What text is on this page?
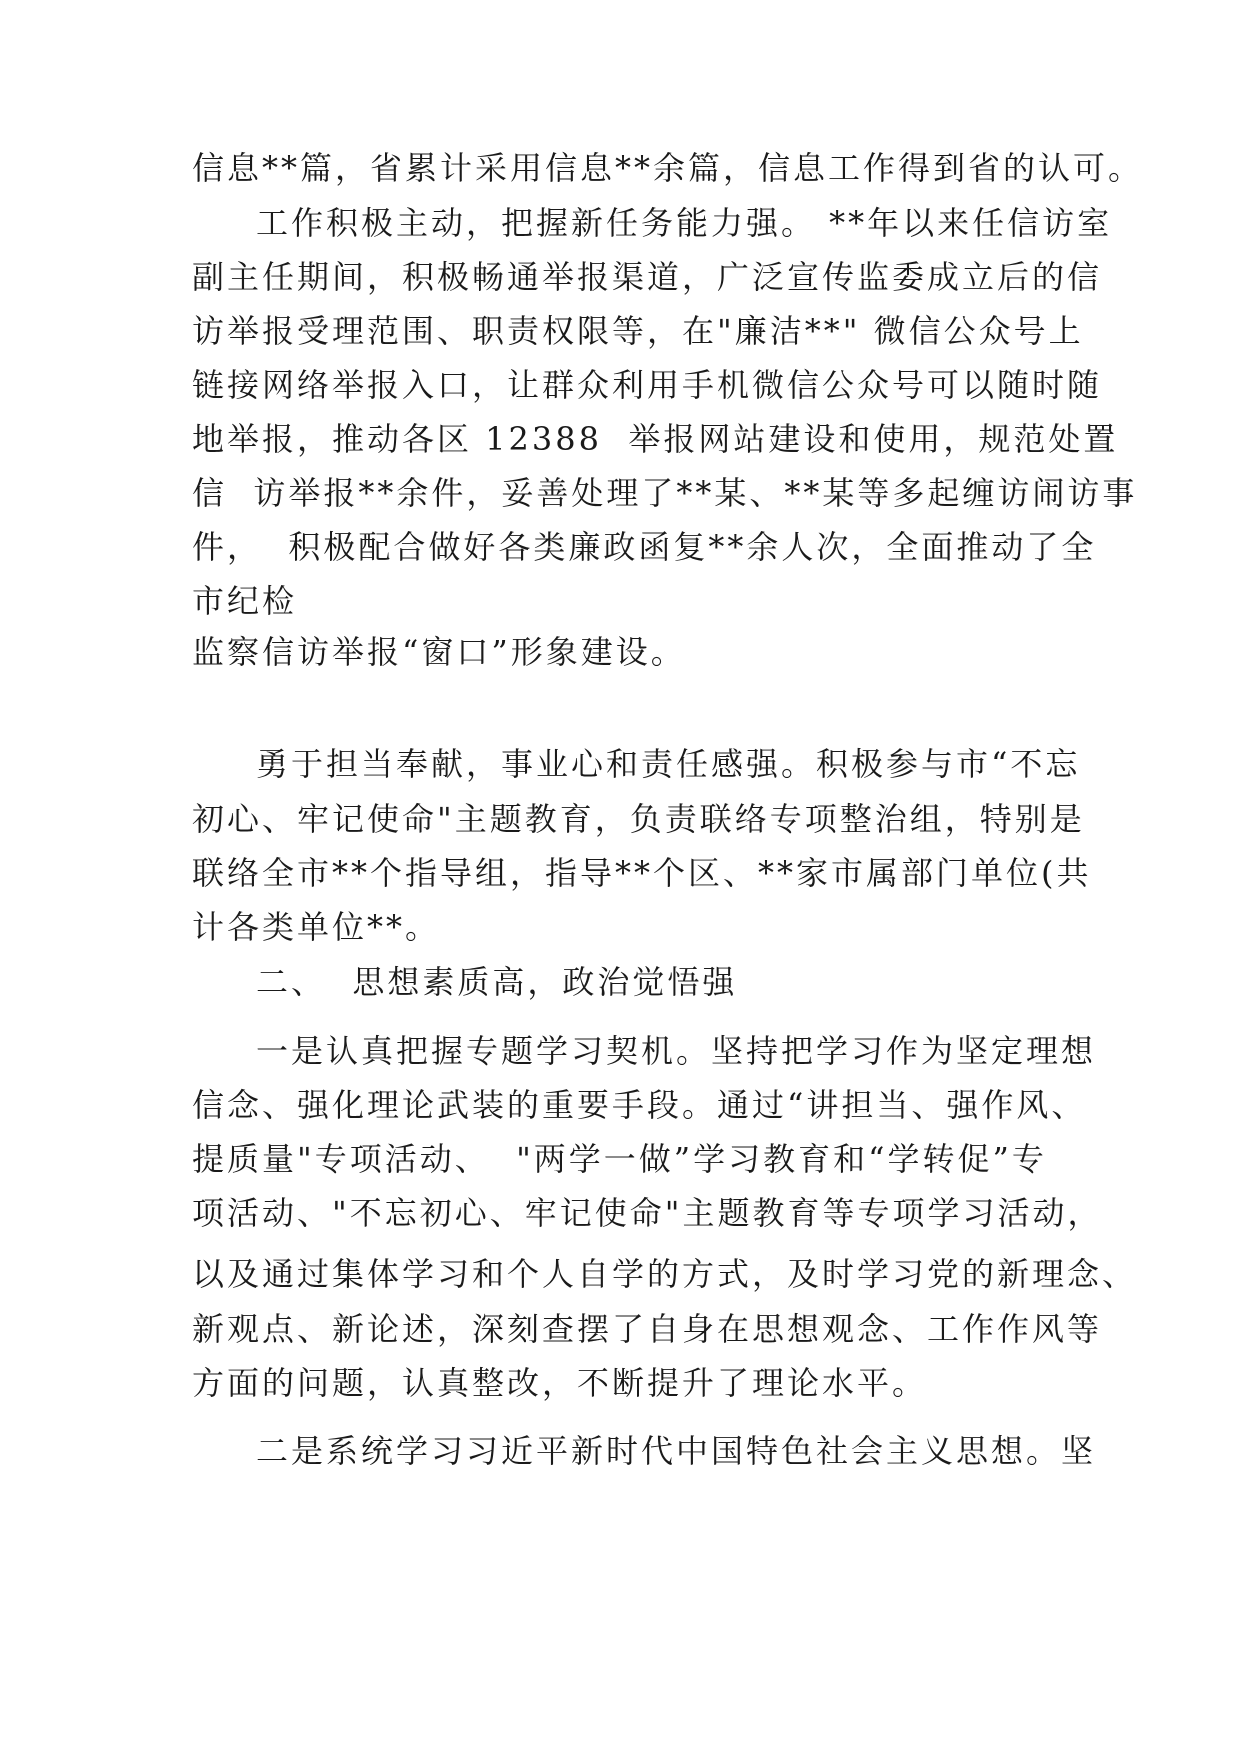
信息**篇，省累计采用信息**余篇，信息工作得到省的认可。
工作积极主动，把握新任务能力强。 **年以来任信访室
副主任期间，积极畅通举报渠道，广泛宣传监委成立后的信
访举报受理范围、职责权限等，在"廉洁**" 微信公众号上
链接网络举报入口，让群众利用手机微信公众号可以随时随
地举报，推动各区 12388  举报网站建设和使用，规范处置
信  访举报**余件，妥善处理了**某、**某等多起缠访闹访事
件，  积极配合做好各类廉政函复**余人次，全面推动了全
市纪检
监察信访举报“窗口”形象建设。
勇于担当奉献，事业心和责任感强。积极参与市“不忘
初心、牢记使命"主题教育，负责联络专项整治组，特别是
联络全市**个指导组，指导**个区、**家市属部门单位(共
计各类单位**。
二、  思想素质高，政治觉悟强
一是认真把握专题学习契机。坚持把学习作为坚定理想
信念、强化理论武装的重要手段。通过“讲担当、强作风、
提质量"专项活动、  "两学一做”学习教育和“学转促”专
项活动、"不忘初心、牢记使命"主题教育等专项学习活动，
以及通过集体学习和个人自学的方式，及时学习党的新理念、
新观点、新论述，深刻查摆了自身在思想观念、工作作风等
方面的问题，认真整改，不断提升了理论水平。
二是系统学习习近平新时代中国特色社会主义思想。坚
